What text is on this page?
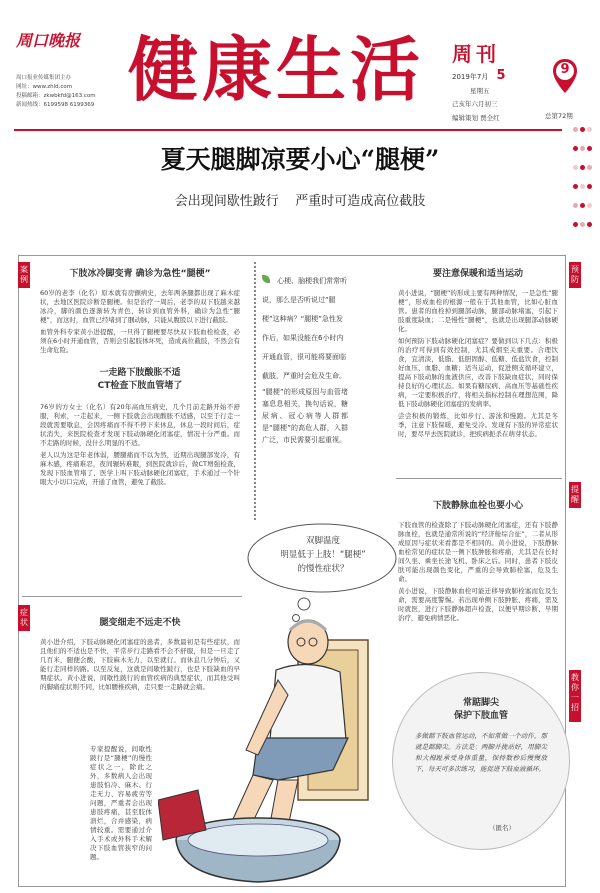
周口晚报
周口报业传媒集团主办
网址：www.zhld.com
投稿邮箱：zkwbkfd@163.com
新闻热线：6199598 6199369 健康生活 周刊
2019年7月 5
星期五
己亥年六月初三
编辑策划 贾全红
9
总第72期

夏天腿脚凉要小心“腿梗”
会出现间歇性跛行    严重时可造成高位截肢
案例
症状
预防
提醒
教你一招
下肢冰冷脚变青 确诊为急性“腿梗”
60岁的老李（化名）原本就有房颤病史，去年两条腿都出现了麻木症状，去地区医院诊断是腿梗。但是治疗一周后，老李的双下肢越来越冰冷，脚的颜色逐渐转为青色，转诊到血管外科，确诊为急性“腿梗”，而这时，血管已经堵到了腘动脉，只能从腹股以下进行截肢。
血管外科专家黄小进提醒，一旦得了腿梗要尽快双下肢血栓检查，必须在6小时开通血管，否则会引起肢体坏死，造成高位截肢，不然会有生命危险。
一走路下肢酸胀不适
CT检查下肢血管堵了
76岁的方女士（化名）有20年高血压病史，几个月前走路开始不舒服，利索，一走起来，一侧下肢就会出现酸胀不适感，以至于行走一段就需要歇息，会因疼痛而不得不停下来休息，休息一段时间后，症状消失，来医院检查才发现下肢动脉硬化闭塞症，情况十分严重。而不走路的时候，没什么明显的不适。
老人以为这是年老体弱，腰腿痛而不以为然，近期出现腿部发冷，有麻木感，疼痛难忍，夜间辗转难眠，到医院就诊后，做CT增强检查，发现下肢血管堵了，医学上叫下肢动脉硬化闭塞症，手术通过一个针眼大小切口完成，开通了血管，避免了截肢。
腿变细走不远走不快
黄小进介绍，下肢动脉硬化闭塞症的患者，多数最初是有些症状，而且他们的不适也是不快，平常步行走路看不会不舒服，但是一旦走了几百米，腿便会酸，下肢麻木无力，以至就行。而休息几分钟后，又能行走同样的路。以至反复，这就是间歇性跛行，也是下肢缺血的早期症状。黄小进说，间歇性跛行的血管疾病的典型症状，而其他受叫的脚痛症状则不同，比如腰椎疾病，走只要一走路就会痛。
专家提醒说，间歇性跛行是“腿梗”的慢性症状之一，除此之外，多数病人会出现患肢怕冷、麻木、行走无力、容易疲劳等问题，严重者会出现患肢疼痛，甚至肢体溃烂，合并感染，病情较重。需要通过介入手术或外科手术解决下肢血管狭窄的问题。
心梗、脑梗我们常常听说，那么是否听说过“腿梗”这种病？“腿梗”急性发作后，如果没能在6小时内开通血管，很可能将要面临截肢，严重时会危及生命。
“腿梗”的形成原因与血管堵塞息息相关，换句话说，糖尿病、冠心病等人群都是“腿梗”的高危人群，入群广泛，市民需要引起重视。
双脚温度
明显低于上肢！“腿梗”
的慢性症状？
要注意保暖和适当运动
黄小进说，“腿梗”的形成主要有两种情况，一是急性“腿梗”，形成血栓的根源一般在于其他血管，比如心脏血管。患者的血栓掉到腿部动脉，腿部动脉堵塞，引起下肢重度缺血；二是慢性“腿梗”，也就是出现腿部动脉硬化。
如何预防下肢动脉硬化闭塞症？要做到以下几点：积极的治疗可得到有效控制，尤其戒烟至关重要。合理饮食，宜清淡，低脂、低胆固醇、低糖、低盐饮食，控制好血压、血脂、血糖；适当运动，促进侧支循环建立，提高下肢动脉的血液供应，改善下肢缺血症状，同时保持良好的心理状态。如果有糖尿病、高血压等基础性疾病，一定要积极治疗，将相关指标控制在理想范围，降低下肢动脉硬化闭塞症的发病率。
尝尝积极的锻炼，比如步行、游泳和慢跑。尤其是冬季，注意下肢保暖，避免受冷。发现有下肢的异常症状时，要尽早去医院就诊，把疾病扼杀在萌芽状态。
下肢静脉血栓也要小心
下肢血管的检查除了下肢动脉硬化闭塞症，还有下肢静脉血栓，也就是通常所说的“经济舱综合征”，二者从形成原因与症状来看都是不相同的。黄小进说，下肢静脉血栓常见的症状是一侧下肢肿胀和疼痛，尤其是在长时间久坐、乘坐长途飞机、卧床之后。同时，患者下肢皮肤可能出现颜色变化，严重的会导致肺栓塞，危及生命。
黄小进说，下肢静脉血栓可能迁移导致肺栓塞而危及生命，需要高度警惕。若出现单侧下肢肿胀、疼痛，需及时就医，进行下肢静脉超声检查，以便早期诊断、早期治疗，避免病情恶化。
常踮脚尖
保护下肢血管
多做踮下肢血管运动，不如常做一个动作，那就是踮脚尖。方法是：两脚并拢站好，用脚尖和大拇趾承受身体重量，保持数秒后慢慢放下，每天可多次练习，能促进下肢血液循环。
（匿名）
